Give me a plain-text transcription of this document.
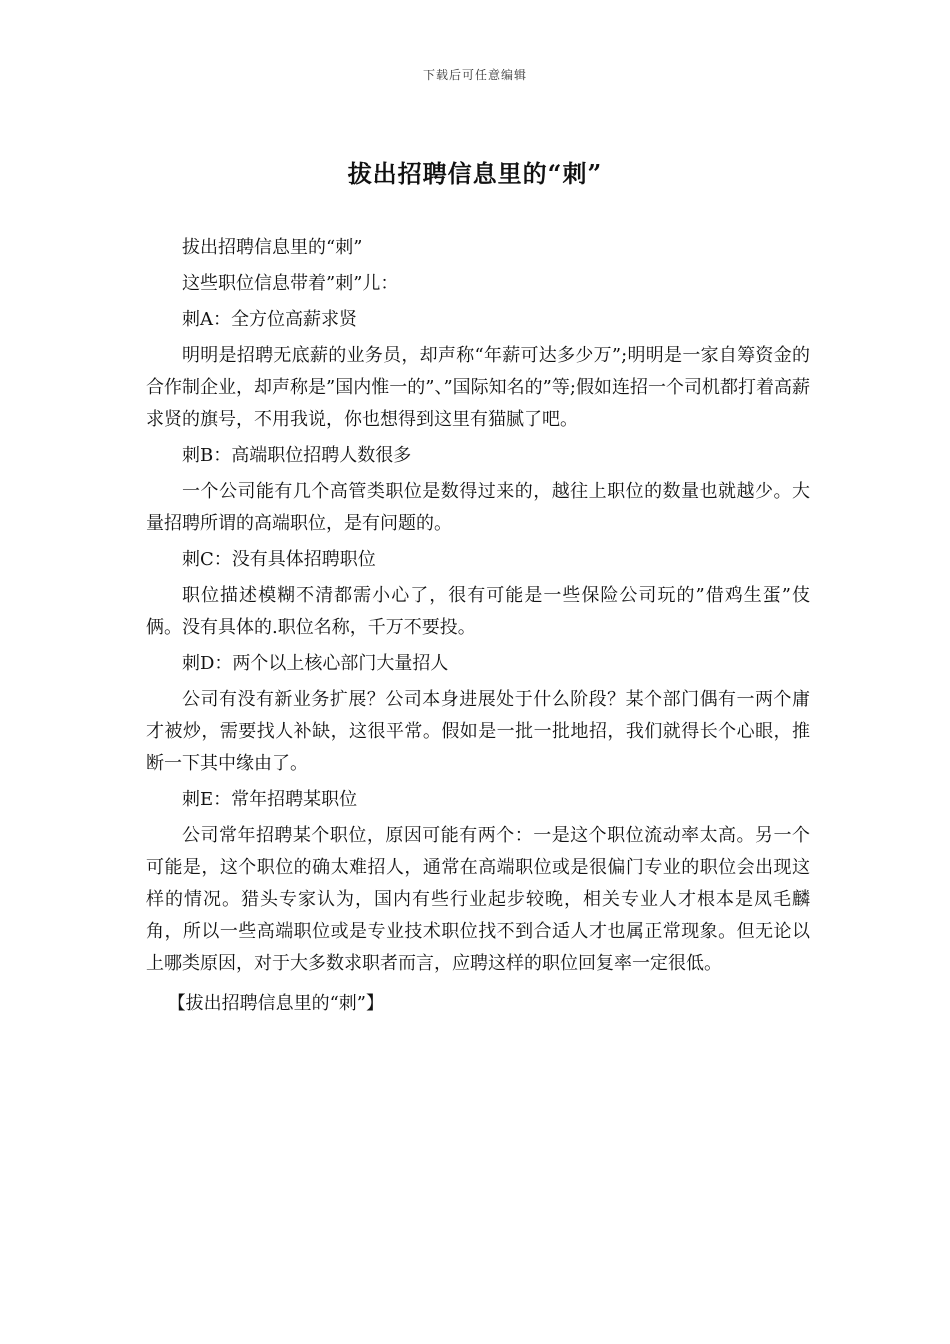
下载后可任意编辑
拔出招聘信息里的“刺”

拔出招聘信息里的“刺”

这些职位信息带着”刺”儿：

刺A：全方位高薪求贤

明明是招聘无底薪的业务员，却声称“年薪可达多少万”;明明是一家自筹资金的合作制企业，却声称是”国内惟一的”、”国际知名的”等;假如连招一个司机都打着高薪求贤的旗号，不用我说，你也想得到这里有猫腻了吧。

刺B：高端职位招聘人数很多

一个公司能有几个高管类职位是数得过来的，越往上职位的数量也就越少。大量招聘所谓的高端职位，是有问题的。

刺C：没有具体招聘职位

职位描述模糊不清都需小心了，很有可能是一些保险公司玩的”借鸡生蛋”伎俩。没有具体的.职位名称，千万不要投。

刺D：两个以上核心部门大量招人

公司有没有新业务扩展？公司本身进展处于什么阶段？某个部门偶有一两个庸才被炒，需要找人补缺，这很平常。假如是一批一批地招，我们就得长个心眼，推断一下其中缘由了。

刺E：常年招聘某职位

公司常年招聘某个职位，原因可能有两个：一是这个职位流动率太高。另一个可能是，这个职位的确太难招人，通常在高端职位或是很偏门专业的职位会出现这样的情况。猎头专家认为，国内有些行业起步较晚，相关专业人才根本是凤毛麟角，所以一些高端职位或是专业技术职位找不到合适人才也属正常现象。但无论以上哪类原因，对于大多数求职者而言，应聘这样的职位回复率一定很低。

【拔出招聘信息里的“刺”】
